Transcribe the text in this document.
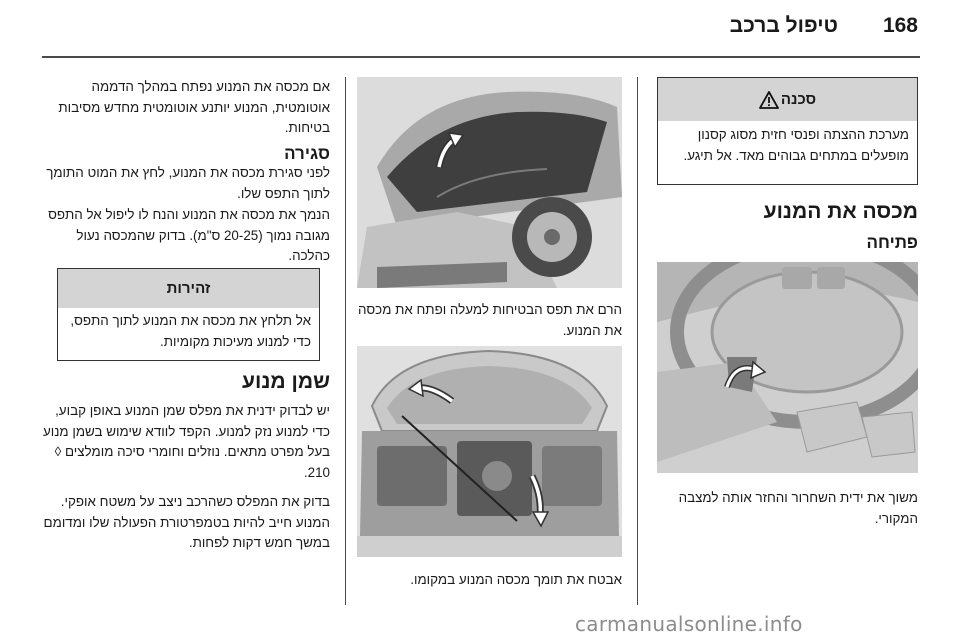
168
טיפול ברכב
סכנה
מערכת ההצתה ופנסי חזית מסוג קסנון מופעלים במתחים גבוהים מאד. אל תיגע.
מכסה את המנוע
פתיחה
משוך את ידית השחרור והחזר אותה למצבה המקורי.
הרם את תפס הבטיחות למעלה ופתח את מכסה את המנוע.
אבטח את תומך מכסה המנוע במקומו.
אם מכסה את המנוע נפתח במהלך הדממה אוטומטית, המנוע יותנע אוטומטית מחדש מסיבות בטיחות.
סגירה
לפני סגירת מכסה את המנוע, לחץ את המוט התומך לתוך התפס שלו.
הנמך את מכסה את המנוע והנח לו ליפול אל התפס מגובה נמוך (20-25 ס"מ). בדוק שהמכסה נעול כהלכה.
זהירות
אל תלחץ את מכסה את המנוע לתוך התפס, כדי למנוע מעיכות מקומיות.
שמן מנוע
יש לבדוק ידנית את מפלס שמן המנוע באופן קבוע, כדי למנוע נזק למנוע. הקפד לוודא שימוש בשמן מנוע בעל מפרט מתאים. נוזלים וחומרי סיכה מומלצים ◊ 210.
בדוק את המפלס כשהרכב ניצב על משטח אופקי. המנוע חייב להיות בטמפרטורת הפעולה שלו ומדומם במשך חמש דקות לפחות.
carmanualsonline.info
